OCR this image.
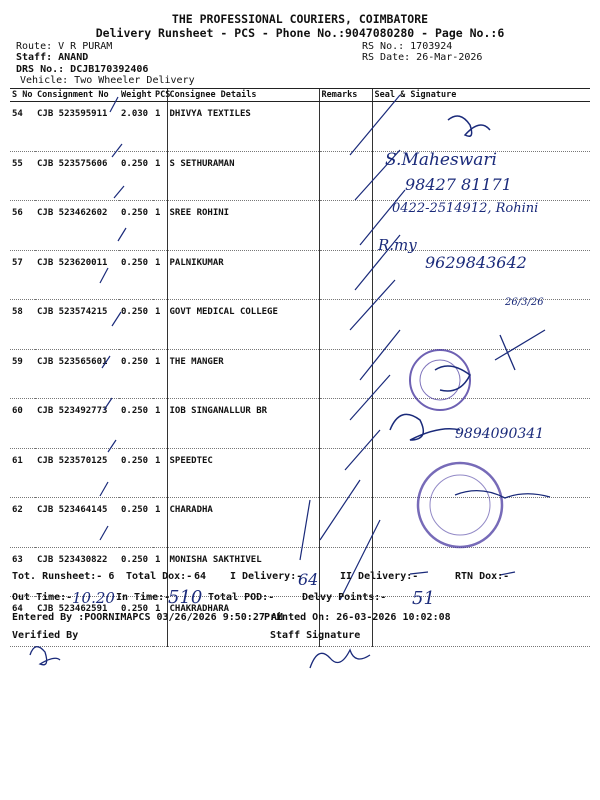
THE PROFESSIONAL COURIERS, COIMBATORE
Delivery Runsheet - PCS - Phone No.:9047080280 - Page No.:6
Route: V R PURAM
Staff: ANAND
DRS No.: DCJB170392406
Vehicle: Two Wheeler Delivery
RS No.: 1703924
RS Date: 26-Mar-2026
S No	Consignment No	Weight	PCS	Consignee Details	Remarks	Seal & Signature
54	CJB 523595911	2.030	1	DHIVYA TEXTILES		
55	CJB 523575606	0.250	1	S SETHURAMAN		
56	CJB 523462602	0.250	1	SREE ROHINI		
57	CJB 523620011	0.250	1	PALNIKUMAR		
58	CJB 523574215	0.250	1	GOVT MEDICAL COLLEGE		
59	CJB 523565601	0.250	1	THE MANGER		
60	CJB 523492773	0.250	1	IOB SINGANALLUR BR		
61	CJB 523570125	0.250	1	SPEEDTEC		
62	CJB 523464145	0.250	1	CHARADHA		
63	CJB 523430822	0.250	1	MONISHA SAKTHIVEL		
64	CJB 523462591	0.250	1	CHAKRADHARA		
S.Maheswari
98427 81171
0422-2514912, Rohini
R.my
9629843642
26/3/26
9894090341
64
10.20	510	51
Tot. Runsheet:- 6 Total Dox:- 64 I Delivery:-	II Delivery:-	RTN Dox:-
Out Time:-	In Time:-	Total POD:-	Delvy Points:-
Entered By :POORNIMAPCS 03/26/2026 9:50:27 AM
Printed On: 26-03-2026 10:02:08
Verified By	Staff Signature
